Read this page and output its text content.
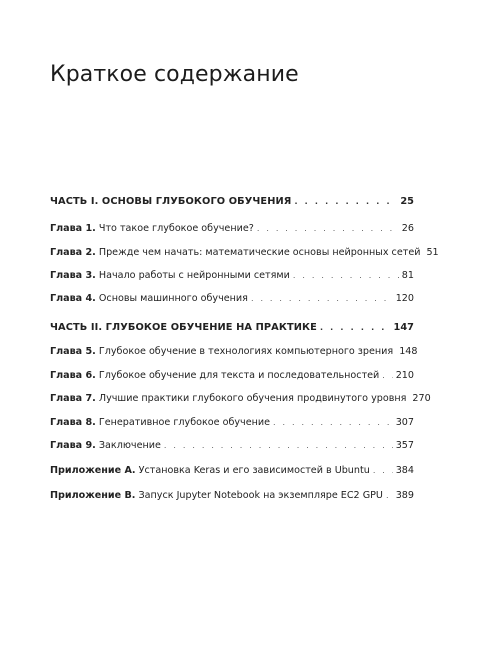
Краткое содержание
ЧАСТЬ I. ОСНОВЫ ГЛУБОКОГО ОБУЧЕНИЯ . . .	25
Глава 1. Что такое глубокое обучение? . . .	26
Глава 2. Прежде чем начать: математические основы нейронных сетей 51
Глава 3. Начало работы с нейронными сетями . . .	81
Глава 4. Основы машинного обучения . . .	120
ЧАСТЬ II. ГЛУБОКОЕ ОБУЧЕНИЕ НА ПРАКТИКЕ . . .	147
Глава 5. Глубокое обучение в технологиях компьютерного зрения 148
Глава 6. Глубокое обучение для текста и последовательностей . . . 210
Глава 7. Лучшие практики глубокого обучения продвинутого уровня 270
Глава 8. Генеративное глубокое обучение . . .	307
Глава 9. Заключение . . .	357
Приложение А. Установка Keras и его зависимостей в Ubuntu . . .	384
Приложение В. Запуск Jupyter Notebook на экземпляре EC2 GPU . . . 389
